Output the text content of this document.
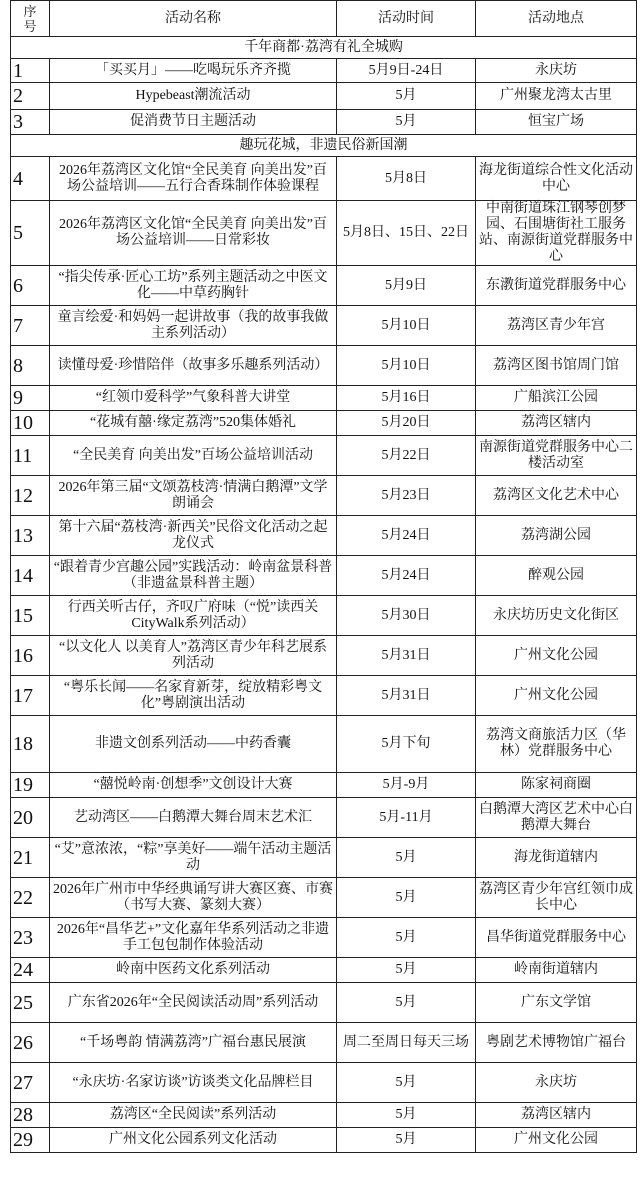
序号	活动名称	活动时间	活动地点
千年商都·荔湾有礼全城购			
1	「买买月」——吃喝玩乐齐齐揽	5月9日-24日	永庆坊
2	Hypebeast潮流活动	5月	广州聚龙湾太古里
3	促消费节日主题活动	5月	恒宝广场
趣玩花城，非遗民俗新国潮			
4	2026年荔湾区文化馆“全民美育 向美出发”百场公益培训——五行合香珠制作体验课程	5月8日	海龙街道综合性文化活动中心
5	2026年荔湾区文化馆“全民美育 向美出发”百场公益培训——日常彩妆	5月8日、15日、22日	中南街道珠江钢琴创梦园、石围塘街社工服务站、南源街道党群服务中心
6	“指尖传承·匠心工坊”系列主题活动之中医文化——中草药胸针	5月9日	东漖街道党群服务中心
7	童言绘爱·和妈妈一起讲故事（我的故事我做主系列活动）	5月10日	荔湾区青少年宫
8	读懂母爱·珍惜陪伴（故事多乐趣系列活动）	5月10日	荔湾区图书馆周门馆
9	“红领巾爱科学”气象科普大讲堂	5月16日	广船滨江公园
10	“花城有囍·缘定荔湾”520集体婚礼	5月20日	荔湾区辖内
11	“全民美育 向美出发”百场公益培训活动	5月22日	南源街道党群服务中心二楼活动室
12	2026年第三届“文颂荔枝湾·情满白鹅潭”文学朗诵会	5月23日	荔湾区文化艺术中心
13	第十六届“荔枝湾·新西关”民俗文化活动之起龙仪式	5月24日	荔湾湖公园
14	“跟着青少宫趣公园”实践活动：岭南盆景科普（非遗盆景科普主题）	5月24日	醉观公园
15	行西关听古仔，齐叹广府味（“悦”读西关CityWalk系列活动）	5月30日	永庆坊历史文化街区
16	“以文化人 以美育人”荔湾区青少年科艺展系列活动	5月31日	广州文化公园
17	“粤乐长闻——名家育新芽，绽放精彩粤文化”粤剧演出活动	5月31日	广州文化公园
18	非遗文创系列活动——中药香囊	5月下旬	荔湾文商旅活力区（华林）党群服务中心
19	“囍悦岭南·创想季”文创设计大赛	5月-9月	陈家祠商圈
20	艺动湾区——白鹅潭大舞台周末艺术汇	5月-11月	白鹅潭大湾区艺术中心白鹅潭大舞台
21	“艾”意浓浓，“粽”享美好——端午活动主题活动	5月	海龙街道辖内
22	2026年广州市中华经典诵写讲大赛区赛、市赛（书写大赛、篆刻大赛）	5月	荔湾区青少年宫红领巾成长中心
23	2026年“昌华艺+”文化嘉年华系列活动之非遗手工包包制作体验活动	5月	昌华街道党群服务中心
24	岭南中医药文化系列活动	5月	岭南街道辖内
25	广东省2026年“全民阅读活动周”系列活动	5月	广东文学馆
26	“千场粤韵 情满荔湾”广福台惠民展演	周二至周日每天三场	粤剧艺术博物馆广福台
27	“永庆坊·名家访谈”访谈类文化品牌栏目	5月	永庆坊
28	荔湾区“全民阅读”系列活动	5月	荔湾区辖内
29	广州文化公园系列文化活动	5月	广州文化公园
